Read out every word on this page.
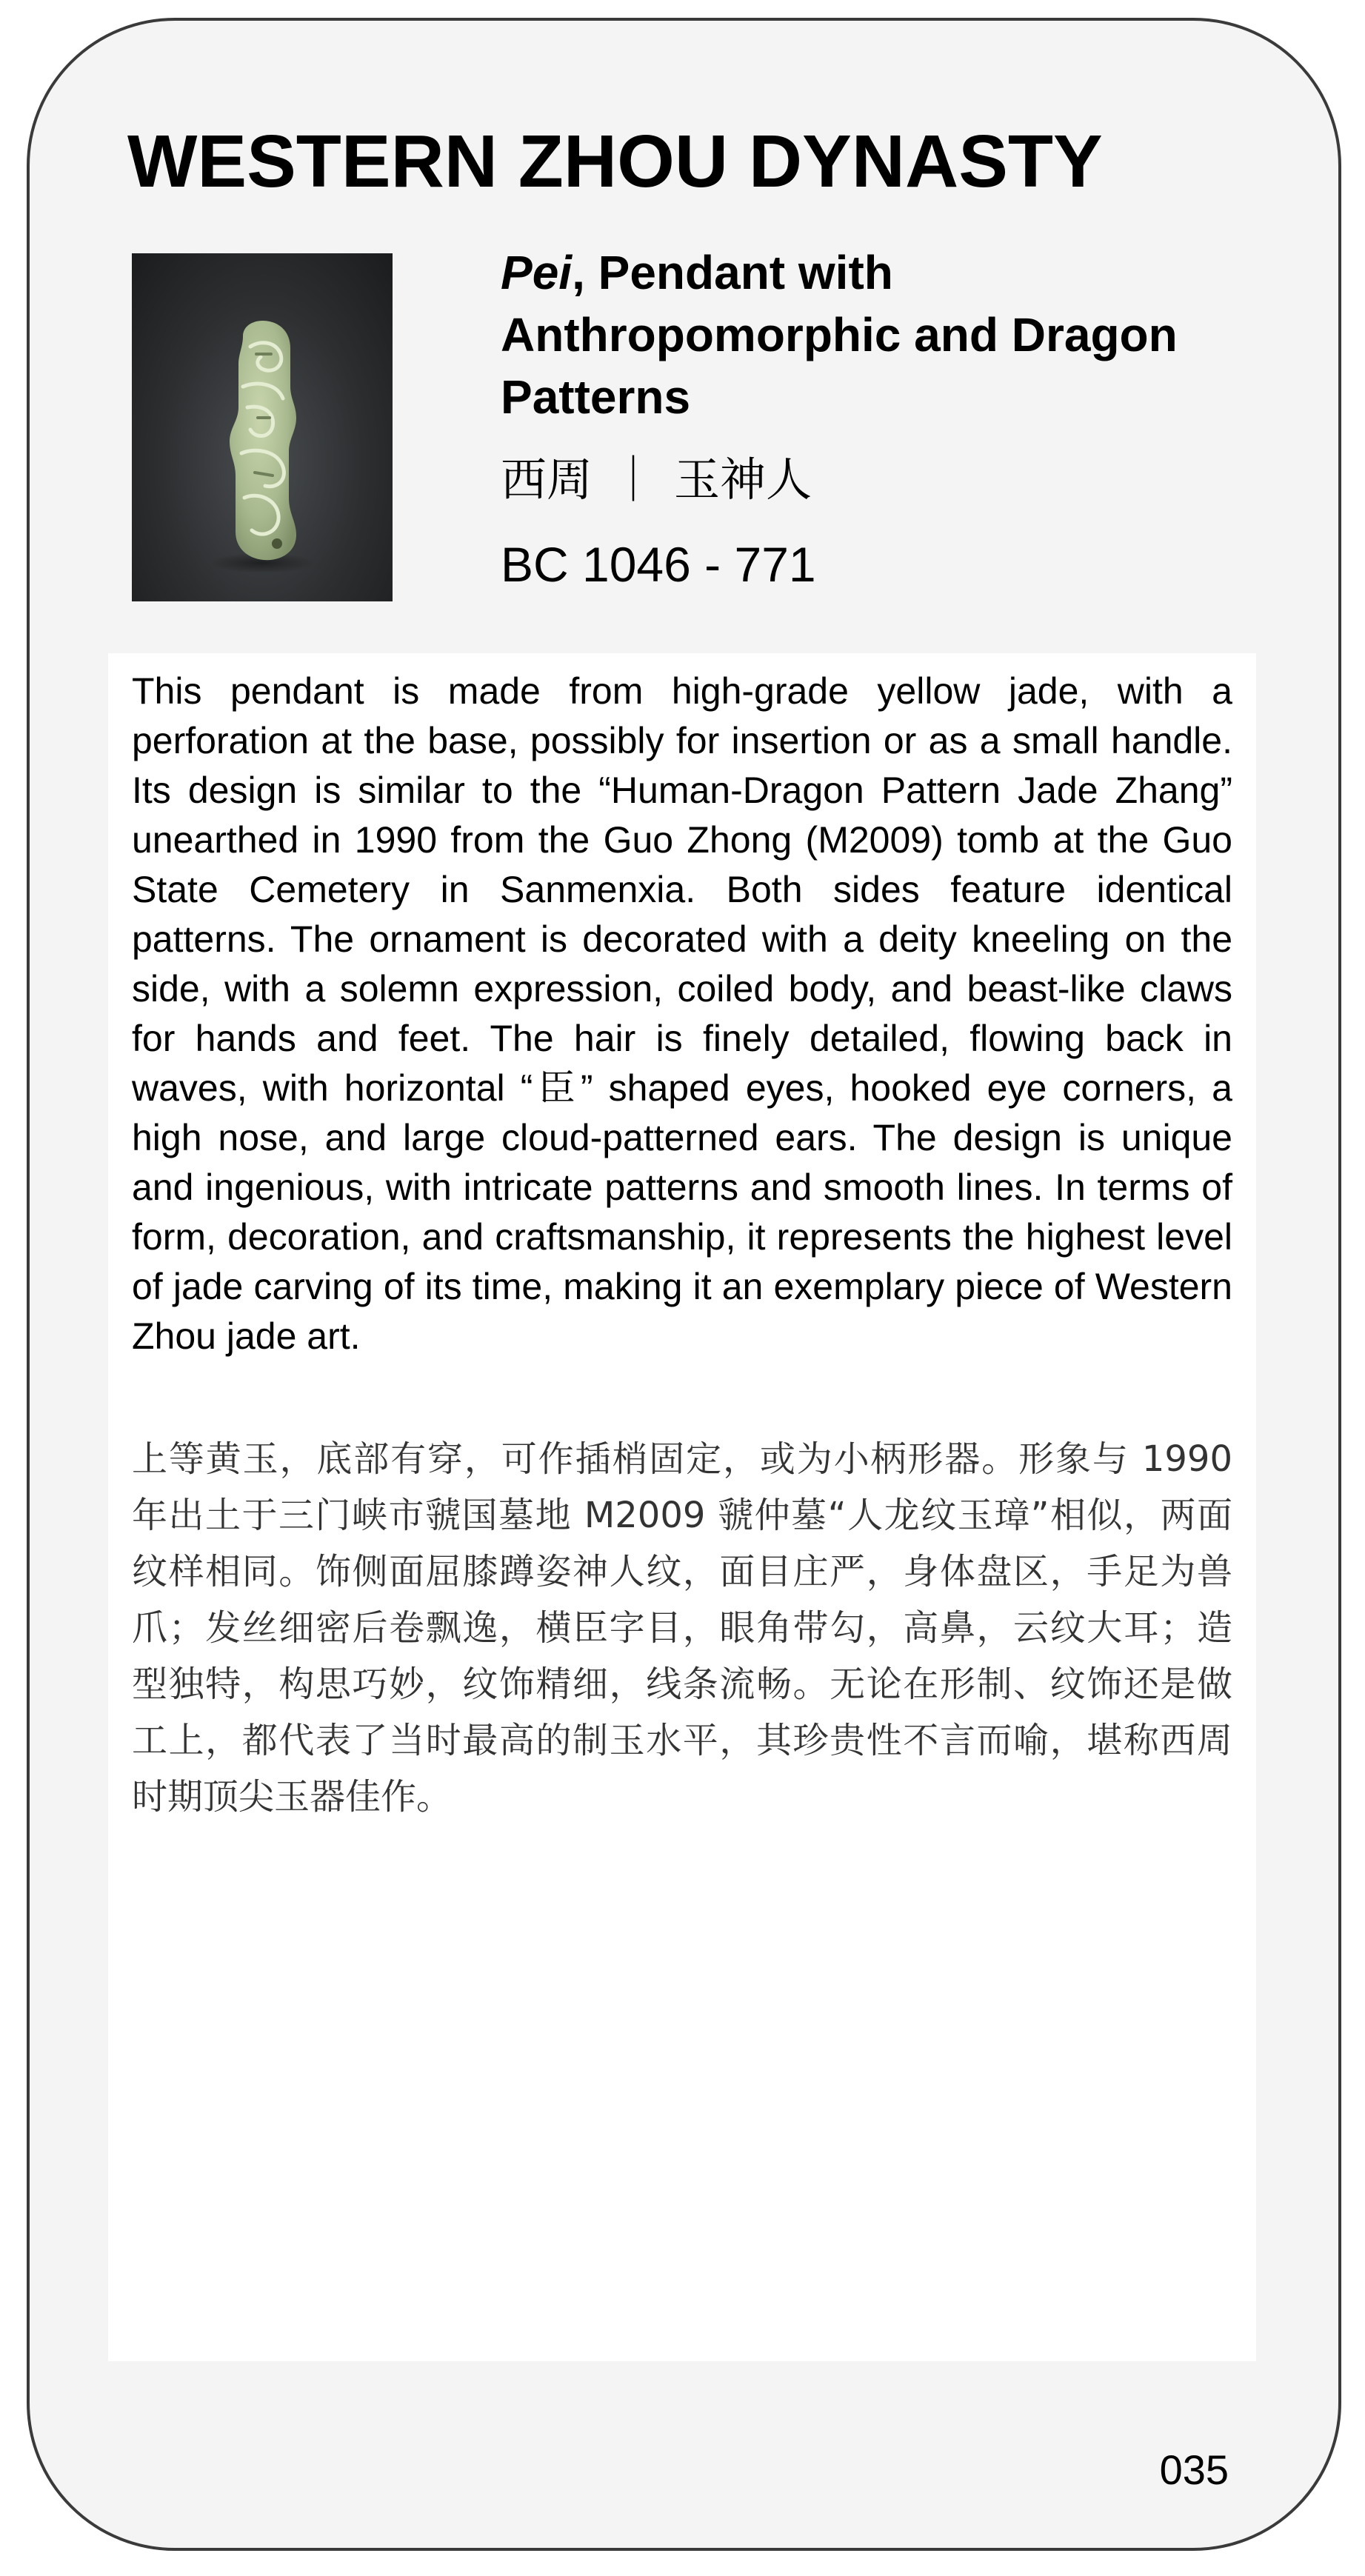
WESTERN ZHOU DYNASTY
Pei, Pendant with Anthropomorphic and Dragon Patterns
西周 ｜ 玉神人
BC 1046 - 771

This pendant is made from high-grade yellow jade, with a perforation at the base, possibly for insertion or as a small handle. Its design is similar to the “Human-Dragon Pattern Jade Zhang” unearthed in 1990 from the Guo Zhong (M2009) tomb at the Guo State Cemetery in Sanmenxia. Both sides feature identical patterns. The ornament is decorated with a deity kneeling on the side, with a solemn expression, coiled body, and beast-like claws for hands and feet. The hair is finely detailed, flowing back in waves, with horizontal “臣” shaped eyes, hooked eye corners, a high nose, and large cloud-patterned ears. The design is unique and ingenious, with intricate patterns and smooth lines. In terms of form, decoration, and craftsmanship, it represents the highest level of jade carving of its time, making it an exemplary piece of Western Zhou jade art.

上等黄玉，底部有穿，可作插梢固定，或为小柄形器。形象与 1990 年出土于三门峡市虢国墓地 M2009 虢仲墓“人龙纹玉璋”相似，两面纹样相同。饰侧面屈膝蹲姿神人纹，面目庄严，身体盘区，手足为兽爪；发丝细密后卷飘逸，横臣字目，眼角带勾，高鼻，云纹大耳；造型独特，构思巧妙，纹饰精细，线条流畅。无论在形制、纹饰还是做工上，都代表了当时最高的制玉水平，其珍贵性不言而喻，堪称西周时期顶尖玉器佳作。

035
